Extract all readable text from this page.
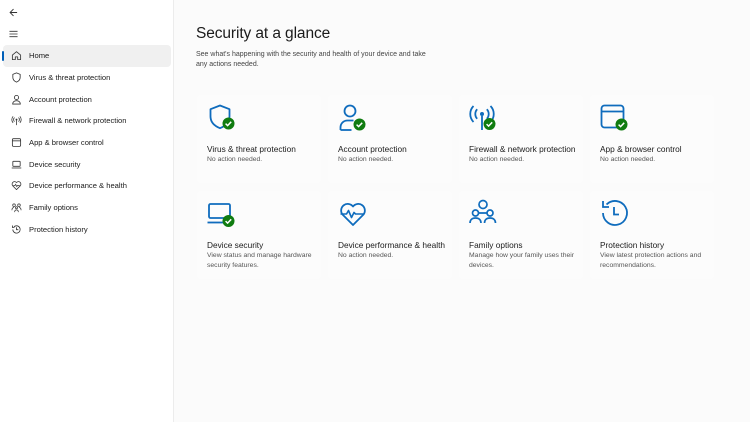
Home
Virus & threat protection
Account protection
Firewall & network protection
App & browser control
Device security
Device performance & health
Family options
Protection history
Security at a glance

See what's happening with the security and health of your device and take any actions needed.

Virus & threat protection
No action needed.
Account protection
No action needed.
Firewall & network protection
No action needed.
App & browser control
No action needed.
Device security
View status and manage hardware security features.
Device performance & health
No action needed.
Family options
Manage how your family uses their devices.
Protection history
View latest protection actions and recommendations.
